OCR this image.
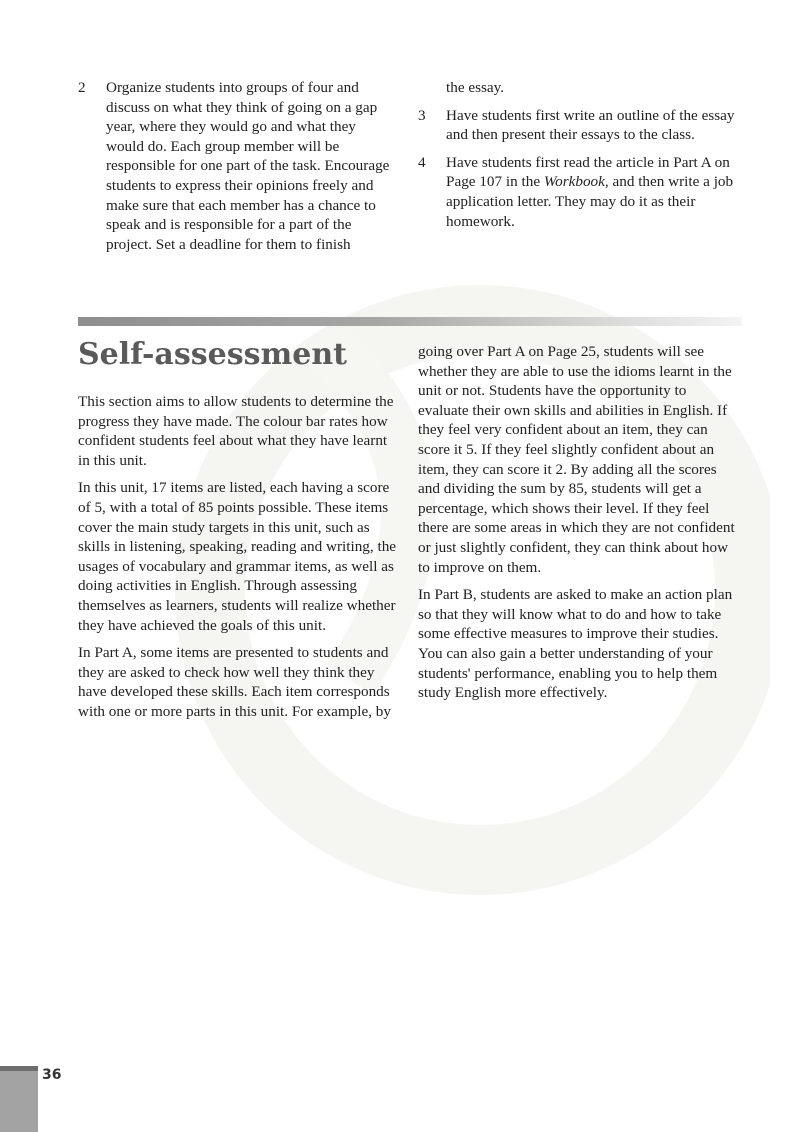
2	Organize students into groups of four and discuss on what they think of going on a gap year, where they would go and what they would do. Each group member will be responsible for one part of the task. Encourage students to express their opinions freely and make sure that each member has a chance to speak and is responsible for a part of the project. Set a deadline for them to finish
the essay.
3	Have students first write an outline of the essay and then present their essays to the class.
4	Have students first read the article in Part A on Page 107 in the Workbook, and then write a job application letter. They may do it as their homework.
Self-assessment

This section aims to allow students to determine the progress they have made. The colour bar rates how confident students feel about what they have learnt in this unit.

In this unit, 17 items are listed, each having a score of 5, with a total of 85 points possible. These items cover the main study targets in this unit, such as skills in listening, speaking, reading and writing, the usages of vocabulary and grammar items, as well as doing activities in English. Through assessing themselves as learners, students will realize whether they have achieved the goals of this unit.

In Part A, some items are presented to students and they are asked to check how well they think they have developed these skills. Each item corresponds with one or more parts in this unit. For example, by

going over Part A on Page 25, students will see whether they are able to use the idioms learnt in the unit or not. Students have the opportunity to evaluate their own skills and abilities in English. If they feel very confident about an item, they can score it 5. If they feel slightly confident about an item, they can score it 2. By adding all the scores and dividing the sum by 85, students will get a percentage, which shows their level. If they feel there are some areas in which they are not confident or just slightly confident, they can think about how to improve on them.

In Part B, students are asked to make an action plan so that they will know what to do and how to take some effective measures to improve their studies. You can also gain a better understanding of your students' performance, enabling you to help them study English more effectively.

36
